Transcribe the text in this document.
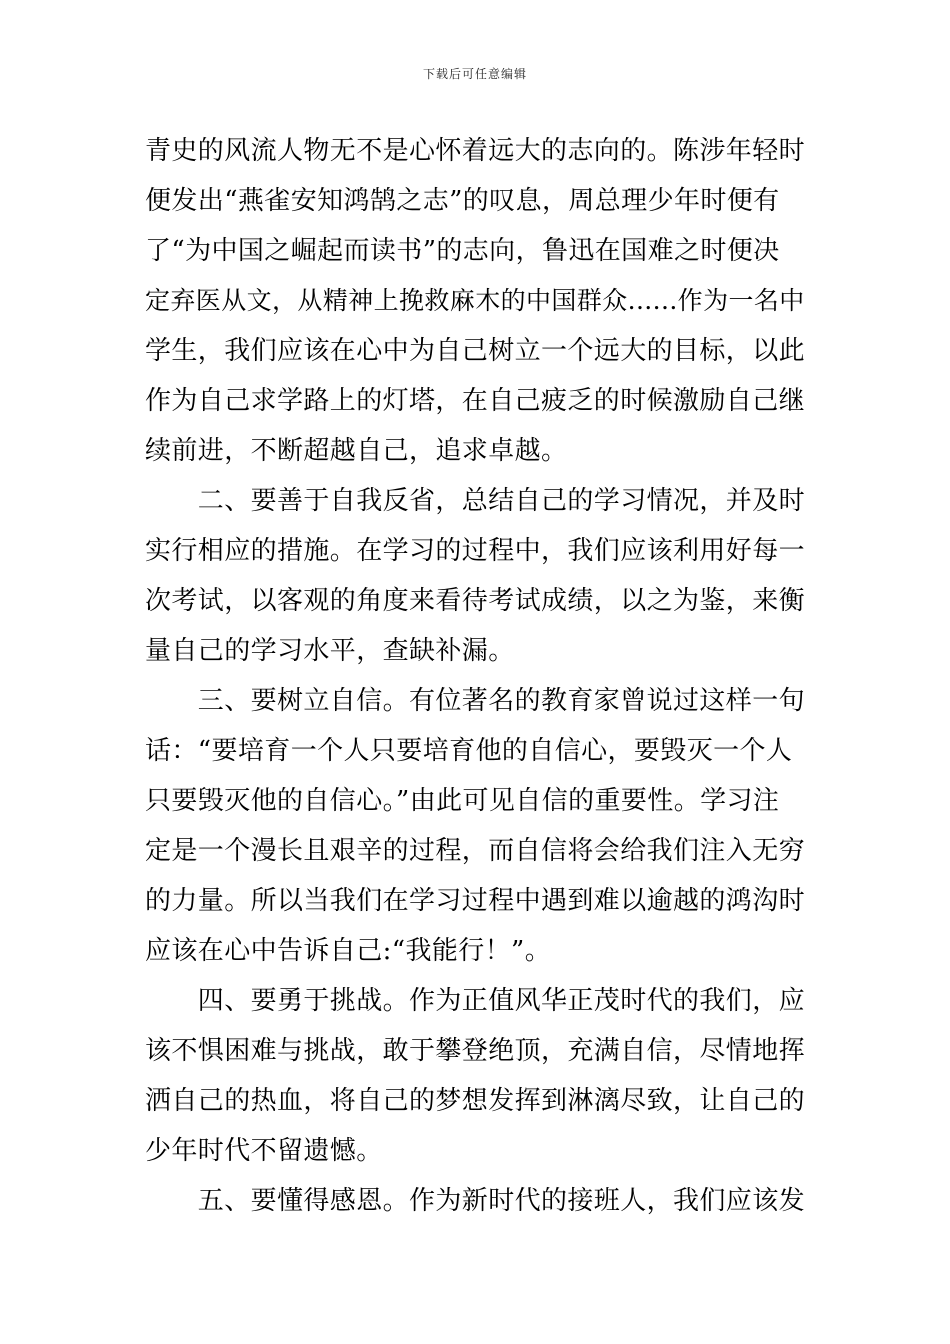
下载后可任意编辑
青史的风流人物无不是心怀着远大的志向的。陈涉年轻时
便发出“燕雀安知鸿鹄之志”的叹息，周总理少年时便有
了“为中国之崛起而读书”的志向，鲁迅在国难之时便决
定弃医从文，从精神上挽救麻木的中国群众......作为一名中
学生，我们应该在心中为自己树立一个远大的目标，以此
作为自己求学路上的灯塔，在自己疲乏的时候激励自己继
续前进，不断超越自己，追求卓越。
　　二、要善于自我反省，总结自己的学习情况，并及时
实行相应的措施。在学习的过程中，我们应该利用好每一
次考试，以客观的角度来看待考试成绩，以之为鉴，来衡
量自己的学习水平，查缺补漏。
　　三、要树立自信。有位著名的教育家曾说过这样一句
话：“要培育一个人只要培育他的自信心，要毁灭一个人
只要毁灭他的自信心。”由此可见自信的重要性。学习注
定是一个漫长且艰辛的过程，而自信将会给我们注入无穷
的力量。所以当我们在学习过程中遇到难以逾越的鸿沟时
应该在心中告诉自己:“我能行！”。
　　四、要勇于挑战。作为正值风华正茂时代的我们，应
该不惧困难与挑战，敢于攀登绝顶，充满自信，尽情地挥
洒自己的热血，将自己的梦想发挥到淋漓尽致，让自己的
少年时代不留遗憾。
　　五、要懂得感恩。作为新时代的接班人，我们应该发
